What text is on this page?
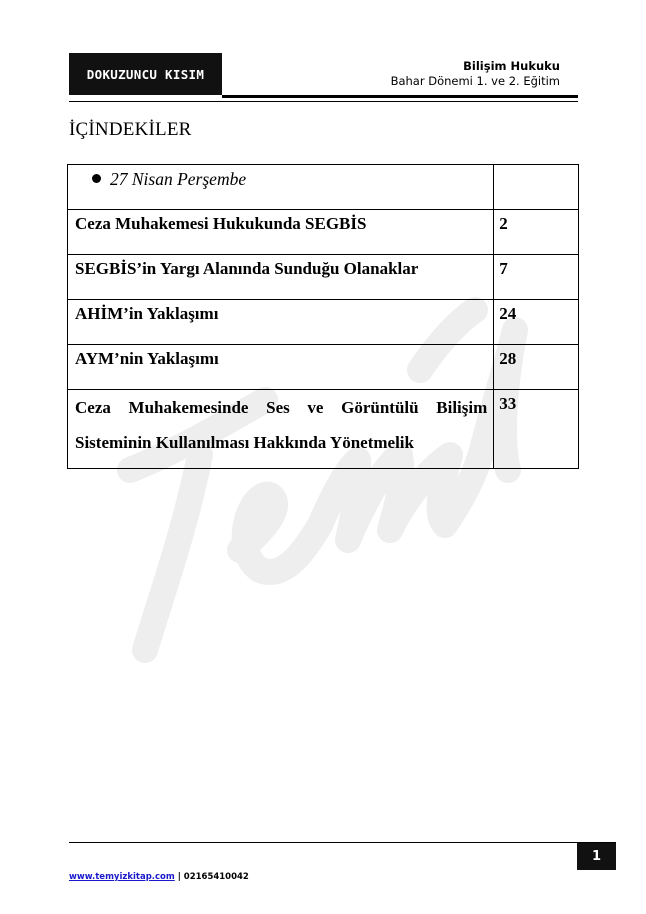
DOKUZUNCU KISIM
Bilişim Hukuku
Bahar Dönemi 1. ve 2. Eğitim
İÇİNDEKİLER
27 Nisan Perşembe	
Ceza Muhakemesi Hukukunda SEGBİS	2
SEGBİS’in Yargı Alanında Sunduğu Olanaklar	7
AHİM’in Yaklaşımı	24
AYM’nin Yaklaşımı	28
Ceza Muhakemesinde Ses ve Görüntülü Bilişim Sisteminin Kullanılması Hakkında Yönetmelik	33
1
www.temyizkitap.com | 02165410042
